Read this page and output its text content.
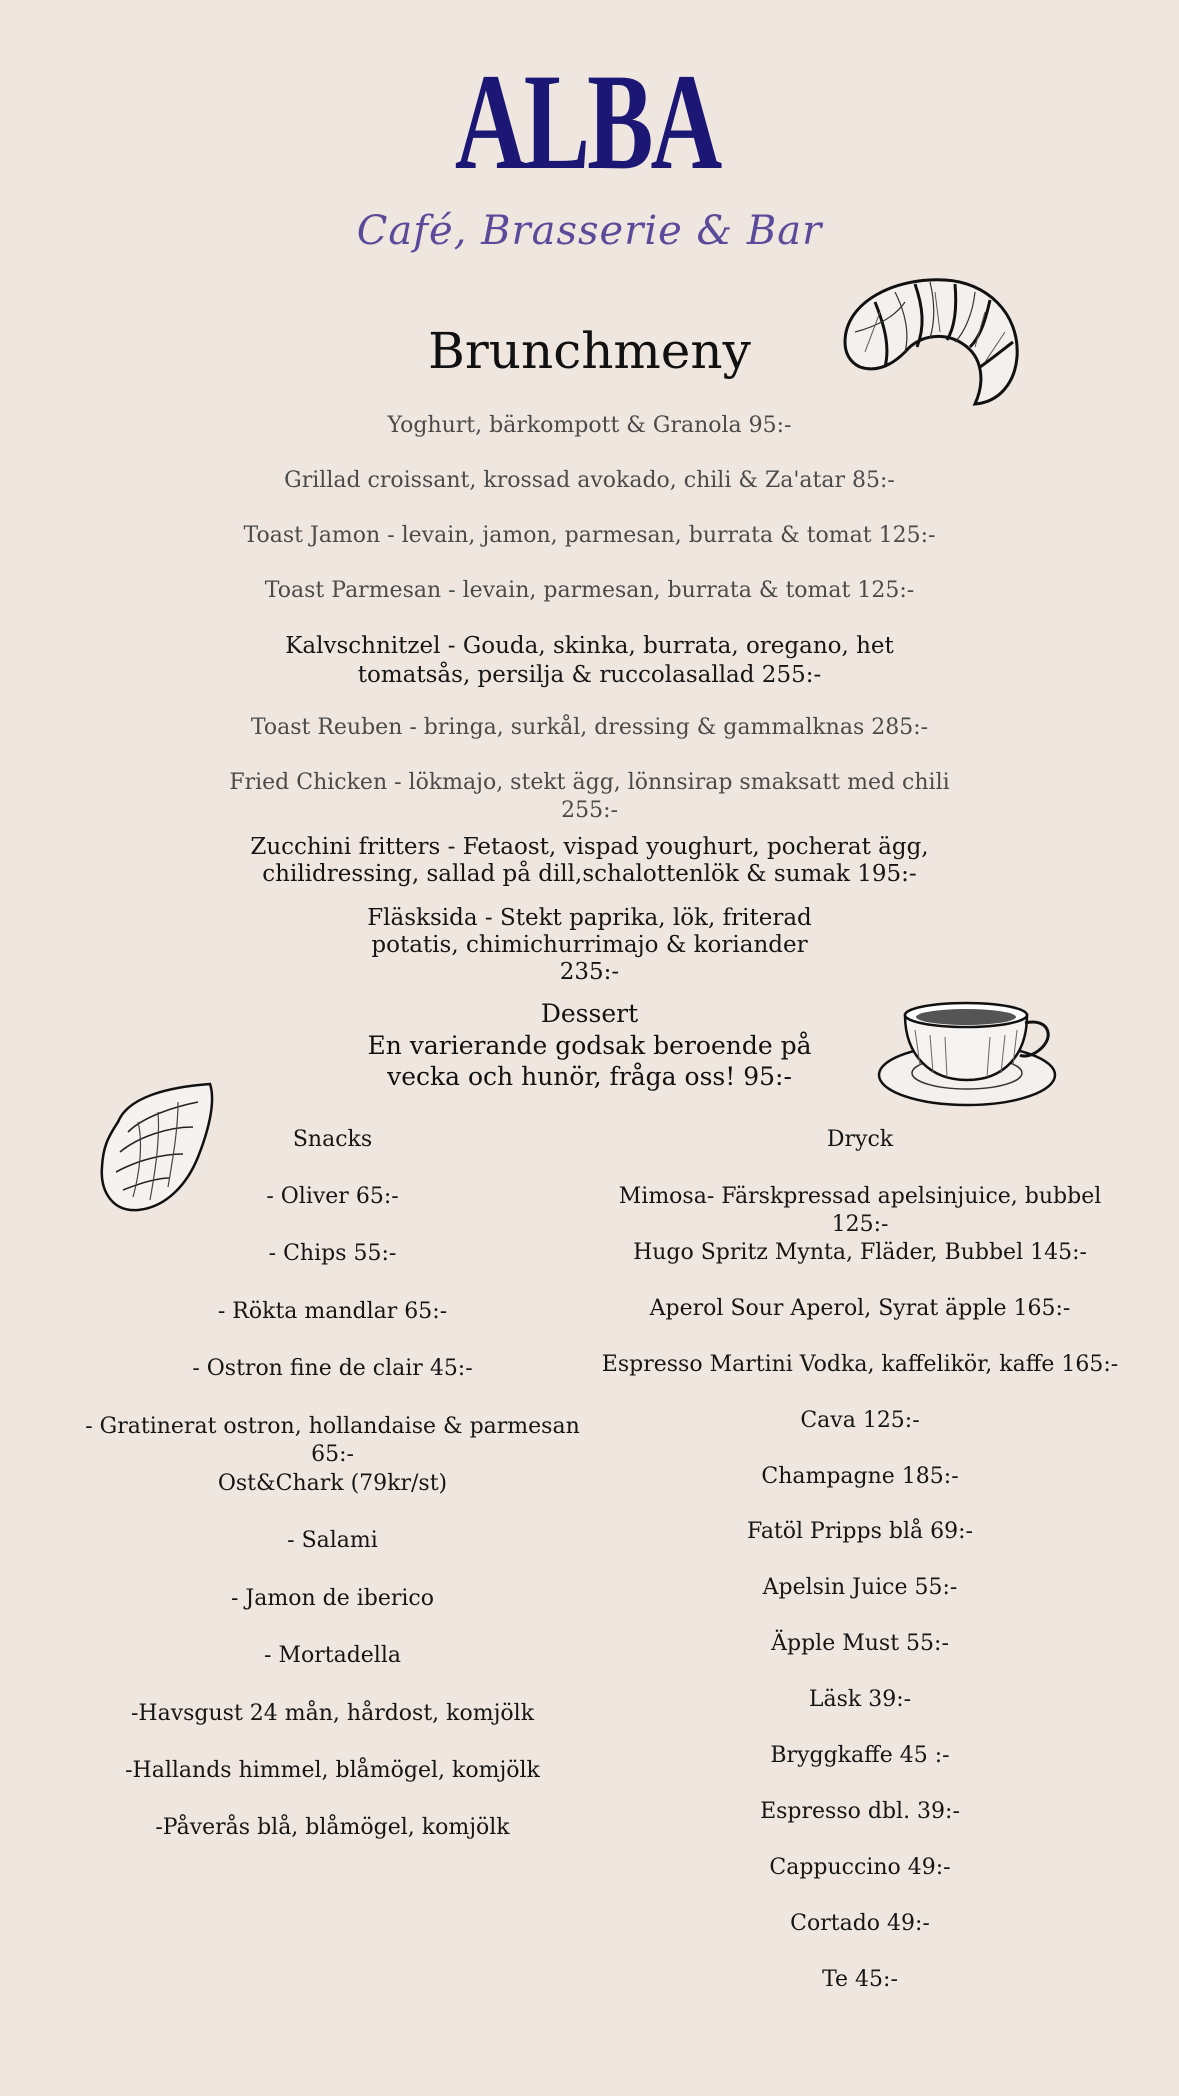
ALBA
Café, Brasserie & Bar
Brunchmeny
Yoghurt, bärkompott & Granola 95:-
Grillad croissant, krossad avokado, chili & Za'atar 85:-
Toast Jamon - levain, jamon, parmesan, burrata & tomat 125:-
Toast Parmesan - levain, parmesan, burrata & tomat 125:-
Kalvschnitzel - Gouda, skinka, burrata, oregano, het
tomatsås, persilja & ruccolasallad 255:-
Toast Reuben - bringa, surkål, dressing & gammalknas 285:-
Fried Chicken - lökmajo, stekt ägg, lönnsirap smaksatt med chili
255:-
Zucchini fritters - Fetaost, vispad youghurt, pocherat ägg,
chilidressing, sallad på dill,schalottenlök & sumak 195:-
Fläsksida - Stekt paprika, lök, friterad
potatis, chimichurrimajo & koriander
235:-
Dessert
En varierande godsak beroende på
vecka och hunör, fråga oss! 95:-
Snacks
- Oliver 65:-
- Chips 55:-
- Rökta mandlar 65:-
- Ostron fine de clair 45:-
- Gratinerat ostron, hollandaise & parmesan 65:-
Ost&Chark (79kr/st)
- Salami
- Jamon de iberico
- Mortadella
-Havsgust 24 mån, hårdost, komjölk
-Hallands himmel, blåmögel, komjölk
-Påverås blå, blåmögel, komjölk
Dryck
Mimosa- Färskpressad apelsinjuice, bubbel 125:-
Hugo Spritz Mynta, Fläder, Bubbel 145:-
Aperol Sour Aperol, Syrat äpple 165:-
Espresso Martini Vodka, kaffelikör, kaffe 165:-
Cava 125:-
Champagne 185:-
Fatöl Pripps blå 69:-
Apelsin Juice 55:-
Äpple Must 55:-
Läsk 39:-
Bryggkaffe 45 :-
Espresso dbl. 39:-
Cappuccino 49:-
Cortado 49:-
Te 45:-
